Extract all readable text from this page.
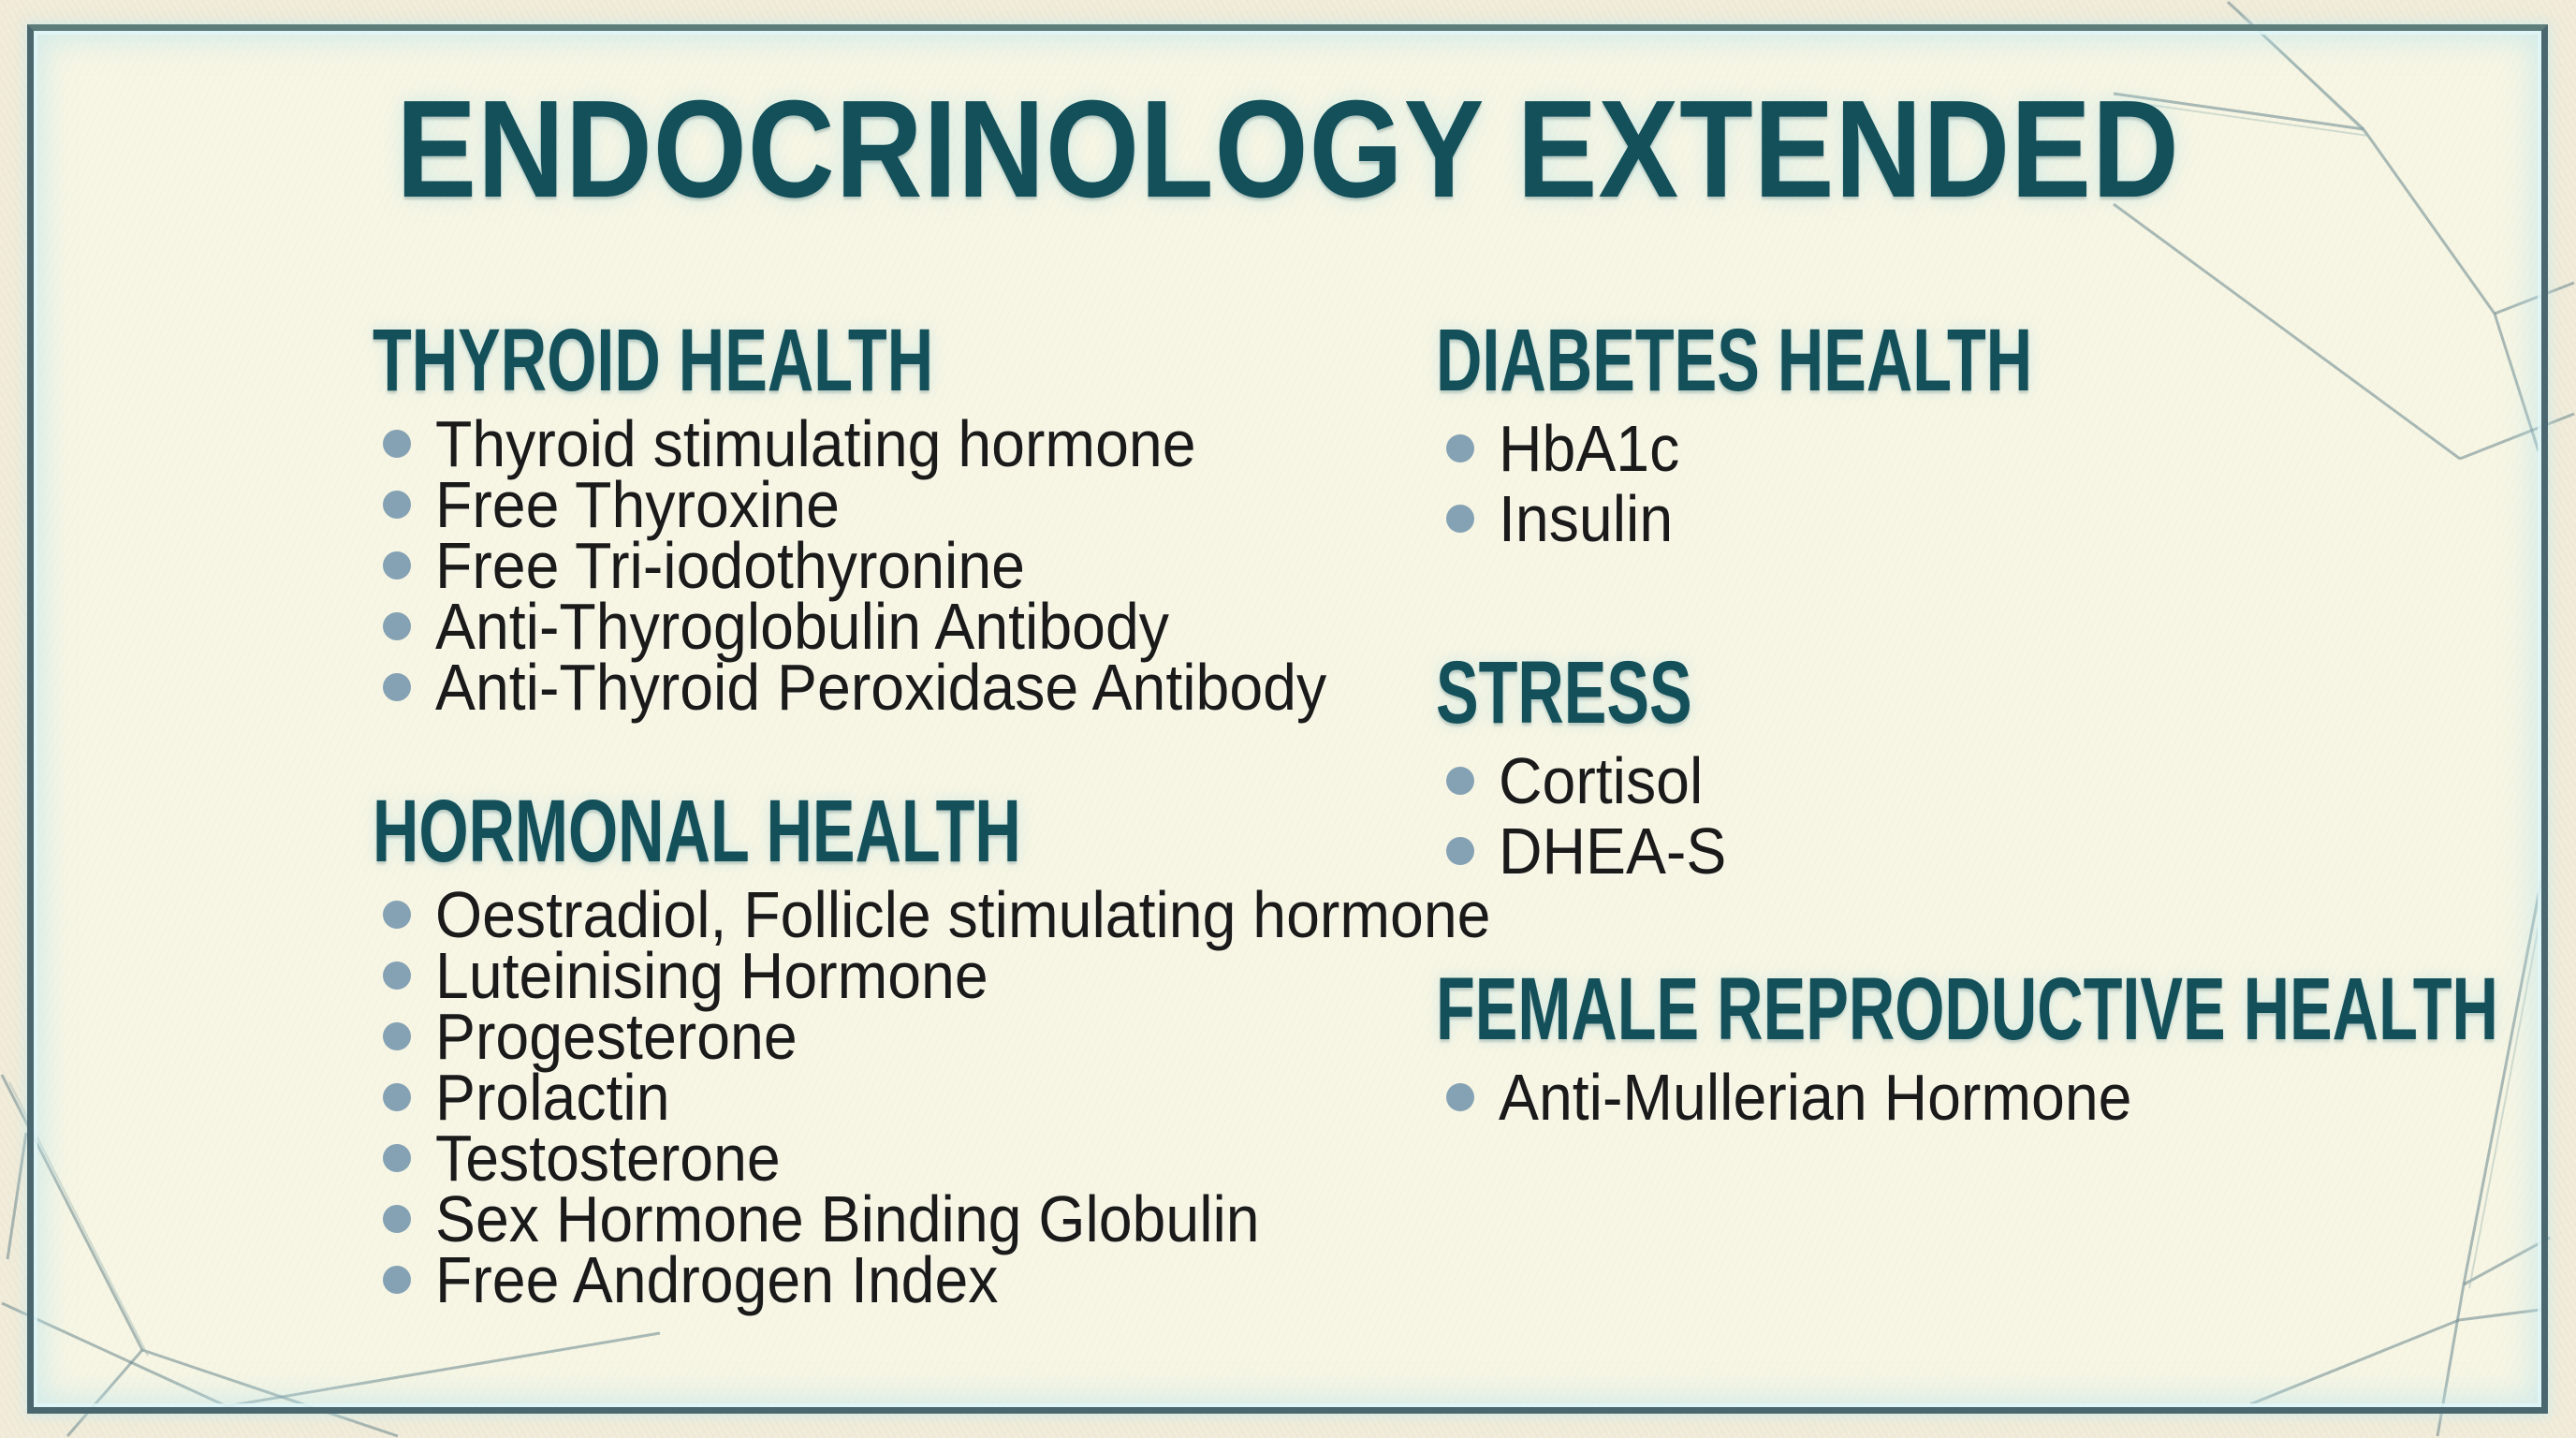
ENDOCRINOLOGY EXTENDED
THYROID HEALTH
Thyroid stimulating hormone
Free Thyroxine
Free Tri-iodothyronine
Anti-Thyroglobulin Antibody
Anti-Thyroid Peroxidase Antibody
HORMONAL HEALTH
Oestradiol, Follicle stimulating hormone
Luteinising Hormone
Progesterone
Prolactin
Testosterone
Sex Hormone Binding Globulin
Free Androgen Index
DIABETES HEALTH
HbA1c
Insulin
STRESS
Cortisol
DHEA-S
FEMALE REPRODUCTIVE HEALTH
Anti-Mullerian Hormone
